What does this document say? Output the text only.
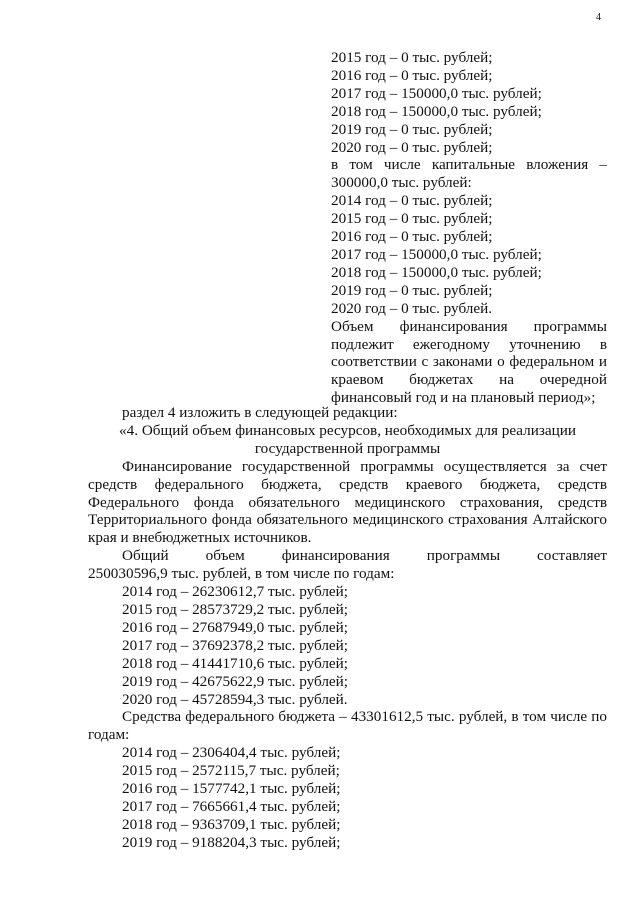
4
2015 год – 0 тыс. рублей;
2016 год – 0 тыс. рублей;
2017 год – 150000,0 тыс. рублей;
2018 год – 150000,0 тыс. рублей;
2019 год – 0 тыс. рублей;
2020 год – 0 тыс. рублей;
в том числе капитальные вложения – 300000,0 тыс. рублей:
2014 год – 0 тыс. рублей;
2015 год – 0 тыс. рублей;
2016 год – 0 тыс. рублей;
2017 год – 150000,0 тыс. рублей;
2018 год – 150000,0 тыс. рублей;
2019 год – 0 тыс. рублей;
2020 год – 0 тыс. рублей.
Объем финансирования программы подлежит ежегодному уточнению в соответствии с законами о федеральном и краевом бюджетах на очередной финансовый год и на плановый период»;

раздел 4 изложить в следующей редакции:

«4. Общий объем финансовых ресурсов, необходимых для реализации государственной программы

Финансирование государственной программы осуществляется за счет средств федерального бюджета, средств краевого бюджета, средств Федерального фонда обязательного медицинского страхования, средств Территориального фонда обязательного медицинского страхования Алтайского края и внебюджетных источников.

Общий объем финансирования программы составляет

250030596,9 тыс. рублей, в том числе по годам:

2014 год – 26230612,7 тыс. рублей;

2015 год – 28573729,2 тыс. рублей;

2016 год – 27687949,0 тыс. рублей;

2017 год – 37692378,2 тыс. рублей;

2018 год – 41441710,6 тыс. рублей;

2019 год – 42675622,9 тыс. рублей;

2020 год – 45728594,3 тыс. рублей.

Средства федерального бюджета – 43301612,5 тыс. рублей, в том числе по годам:

2014 год – 2306404,4 тыс. рублей;

2015 год – 2572115,7 тыс. рублей;

2016 год – 1577742,1 тыс. рублей;

2017 год – 7665661,4 тыс. рублей;

2018 год – 9363709,1 тыс. рублей;

2019 год – 9188204,3 тыс. рублей;
